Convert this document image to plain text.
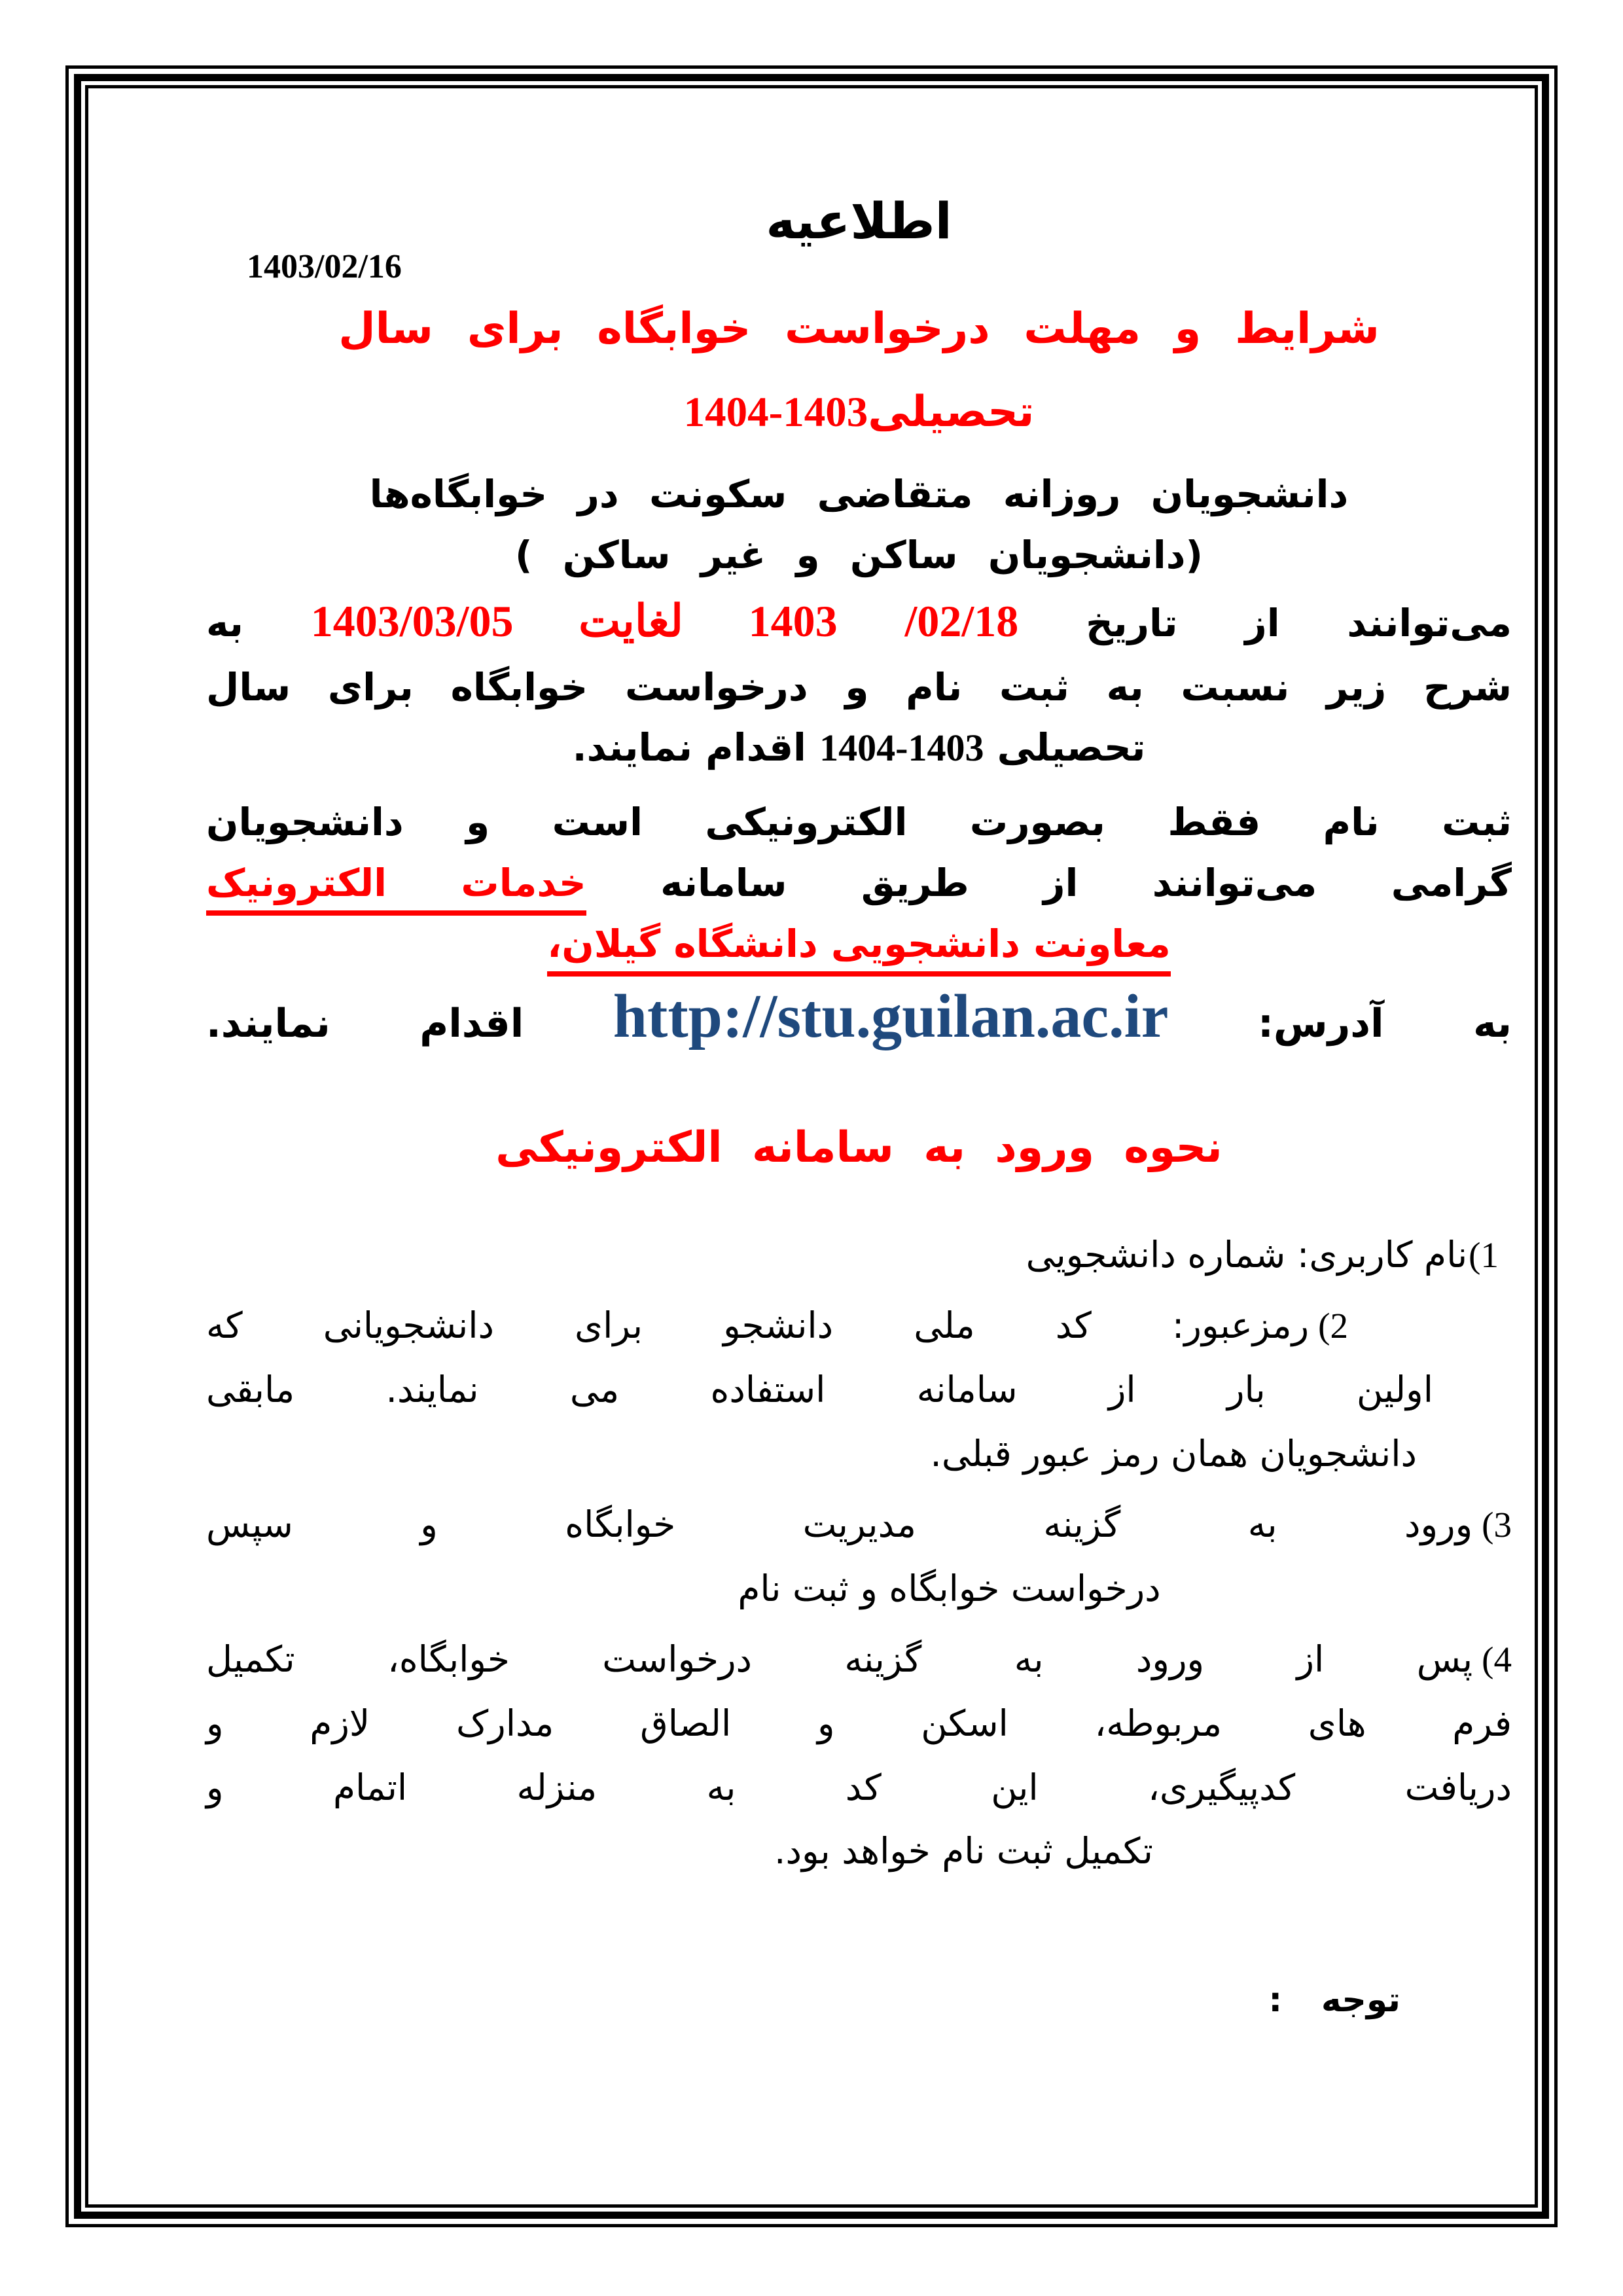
اطلاعیه
1403/02/16
شرایط و مهلت درخواست خوابگاه برای سال
تحصیلی1403-1404
دانشجویان روزانه متقاضی سکونت در خوابگاه‌ها
(دانشجویان ساکن و غیر ساکن )
می‌توانند از تاریخ /02/18 1403 لغایت 1403/03/05 به
شرح زیر نسبت به ثبت نام و درخواست خوابگاه برای سال
تحصیلی 1403-1404 اقدام نمایند.
ثبت نام فقط بصورت الکترونیکی است و دانشجویان
گرامی می‌توانند از طریق سامانه خدمات الکترونیک
معاونت دانشجویی دانشگاه گیلان،
به آدرس: http://stu.guilan.ac.ir اقدام نمایند.
نحوه ورود به سامانه الکترونیکی
1)نام کاربری: شماره دانشجویی
2)رمزعبور: کد ملی دانشجو برای دانشجویانی که
اولین بار از سامانه استفاده می نمایند. مابقی
دانشجویان همان رمز عبور قبلی.
3)ورود به گزینه مدیریت خوابگاه و سپس
درخواست خوابگاه و ثبت نام
4)پس از ورود به گزینه درخواست خوابگاه، تکمیل
فرم های مربوطه، اسکن و الصاق مدارک لازم و
دریافت کدپیگیری، این کد به منزله اتمام و
تکمیل ثبت نام خواهد بود.
توجه :
